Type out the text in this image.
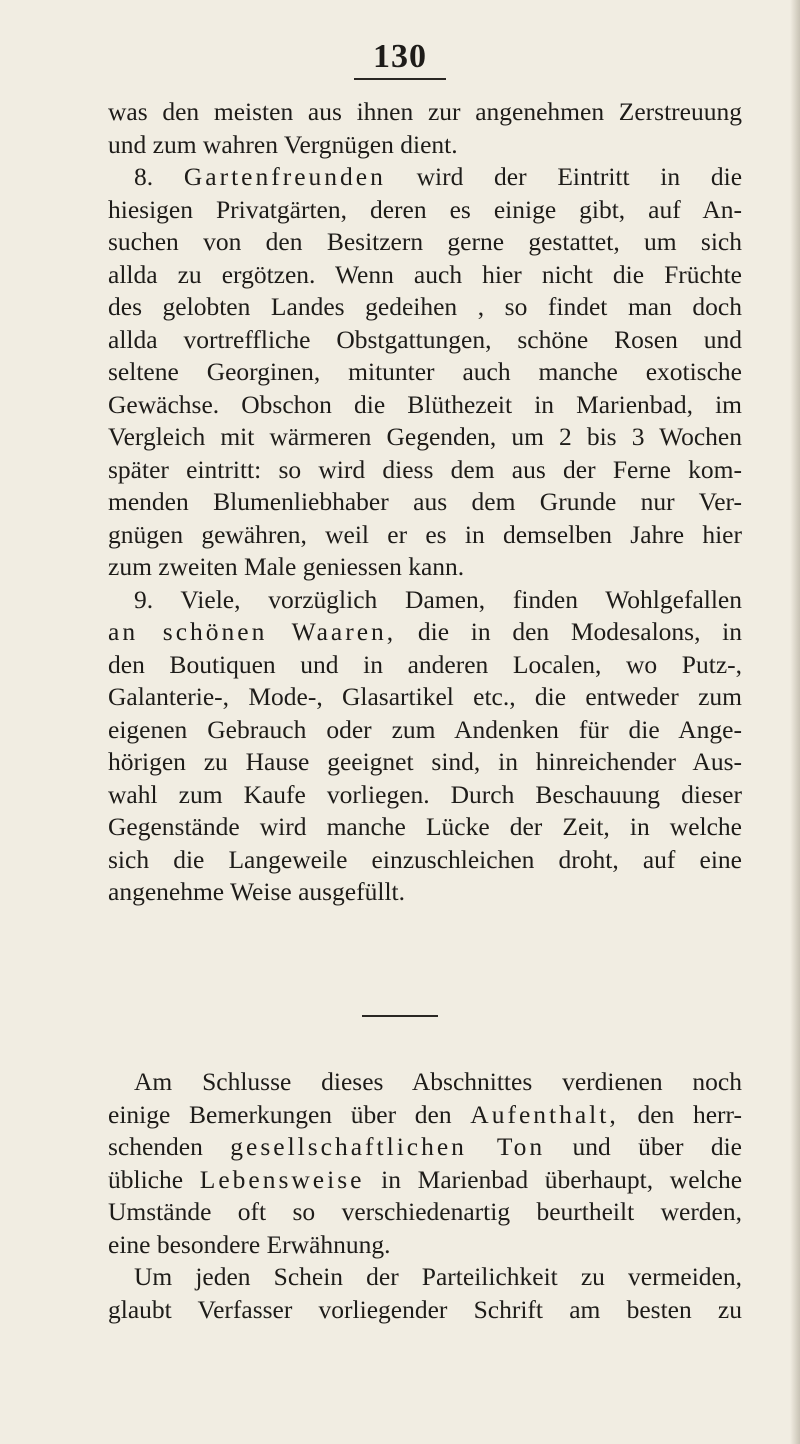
130
was den meisten aus ihnen zur angenehmen Zerstreuung
und zum wahren Vergnügen dient.
8. Gartenfreunden wird der Eintritt in die
hiesigen Privatgärten, deren es einige gibt, auf An-
suchen von den Besitzern gerne gestattet, um sich
allda zu ergötzen. Wenn auch hier nicht die Früchte
des gelobten Landes gedeihen , so findet man doch
allda vortreffliche Obstgattungen, schöne Rosen und
seltene Georginen, mitunter auch manche exotische
Gewächse. Obschon die Blüthezeit in Marienbad, im
Vergleich mit wärmeren Gegenden, um 2 bis 3 Wochen
später eintritt: so wird diess dem aus der Ferne kom-
menden Blumenliebhaber aus dem Grunde nur Ver-
gnügen gewähren, weil er es in demselben Jahre hier
zum zweiten Male geniessen kann.
9. Viele, vorzüglich Damen, finden Wohlgefallen
an schönen Waaren, die in den Modesalons, in
den Boutiquen und in anderen Localen, wo Putz-,
Galanterie-, Mode-, Glasartikel etc., die entweder zum
eigenen Gebrauch oder zum Andenken für die Ange-
hörigen zu Hause geeignet sind, in hinreichender Aus-
wahl zum Kaufe vorliegen. Durch Beschauung dieser
Gegenstände wird manche Lücke der Zeit, in welche
sich die Langeweile einzuschleichen droht, auf eine
angenehme Weise ausgefüllt.
Am Schlusse dieses Abschnittes verdienen noch
einige Bemerkungen über den Aufenthalt, den herr-
schenden gesellschaftlichen Ton und über die
übliche Lebensweise in Marienbad überhaupt, welche
Umstände oft so verschiedenartig beurtheilt werden,
eine besondere Erwähnung.
Um jeden Schein der Parteilichkeit zu vermeiden,
glaubt Verfasser vorliegender Schrift am besten zu
